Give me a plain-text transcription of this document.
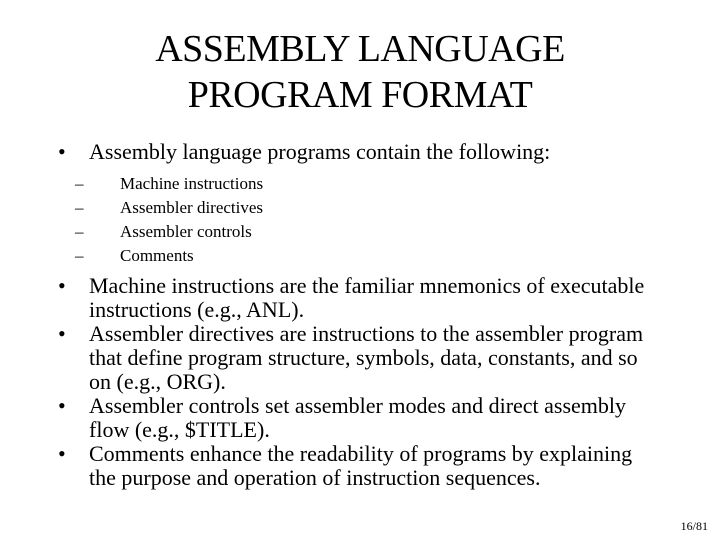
ASSEMBLY LANGUAGE
PROGRAM FORMAT
• Assembly language programs contain the following:
– Machine instructions
– Assembler directives
– Assembler controls
– Comments
• Machine instructions are the familiar mnemonics of executable instructions (e.g., ANL).
• Assembler directives are instructions to the assembler program that define program structure, symbols, data, constants, and so on (e.g., ORG).
• Assembler controls set assembler modes and direct assembly flow (e.g., $TITLE).
• Comments enhance the readability of programs by explaining the purpose and operation of instruction sequences.
16/81
